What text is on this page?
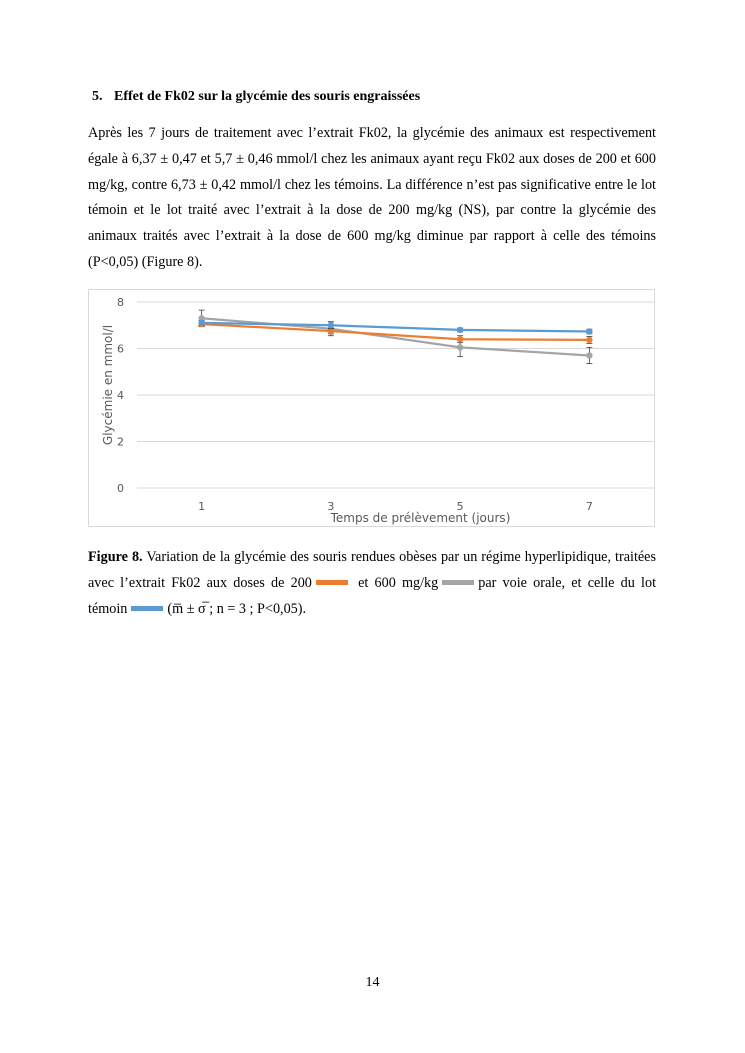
5. Effet de Fk02 sur la glycémie des souris engraissées
Après les 7 jours de traitement avec l’extrait Fk02, la glycémie des animaux est respectivement égale à 6,37 ± 0,47 et 5,7 ± 0,46 mmol/l chez les animaux ayant reçu Fk02 aux doses de 200 et 600 mg/kg, contre 6,73 ± 0,42 mmol/l chez les témoins. La différence n’est pas significative entre le lot témoin et le lot traité avec l’extrait à la dose de 200 mg/kg (NS), par contre la glycémie des animaux traités avec l’extrait à la dose de 600 mg/kg diminue par rapport à celle des témoins (P<0,05) (Figure 8).
0
2
4
6
8
1	3	5	7
Temps de prélèvement (jours)
Glycémie en mmol/l
Figure 8. Variation de la glycémie des souris rendues obèses par un régime hyperlipidique, traitées avec l’extrait Fk02 aux doses de 200	et 600 mg/kg	par voie orale, et celle du lot témoin	(m̅ ± σ̅ ; n = 3 ; P<0,05).
14
